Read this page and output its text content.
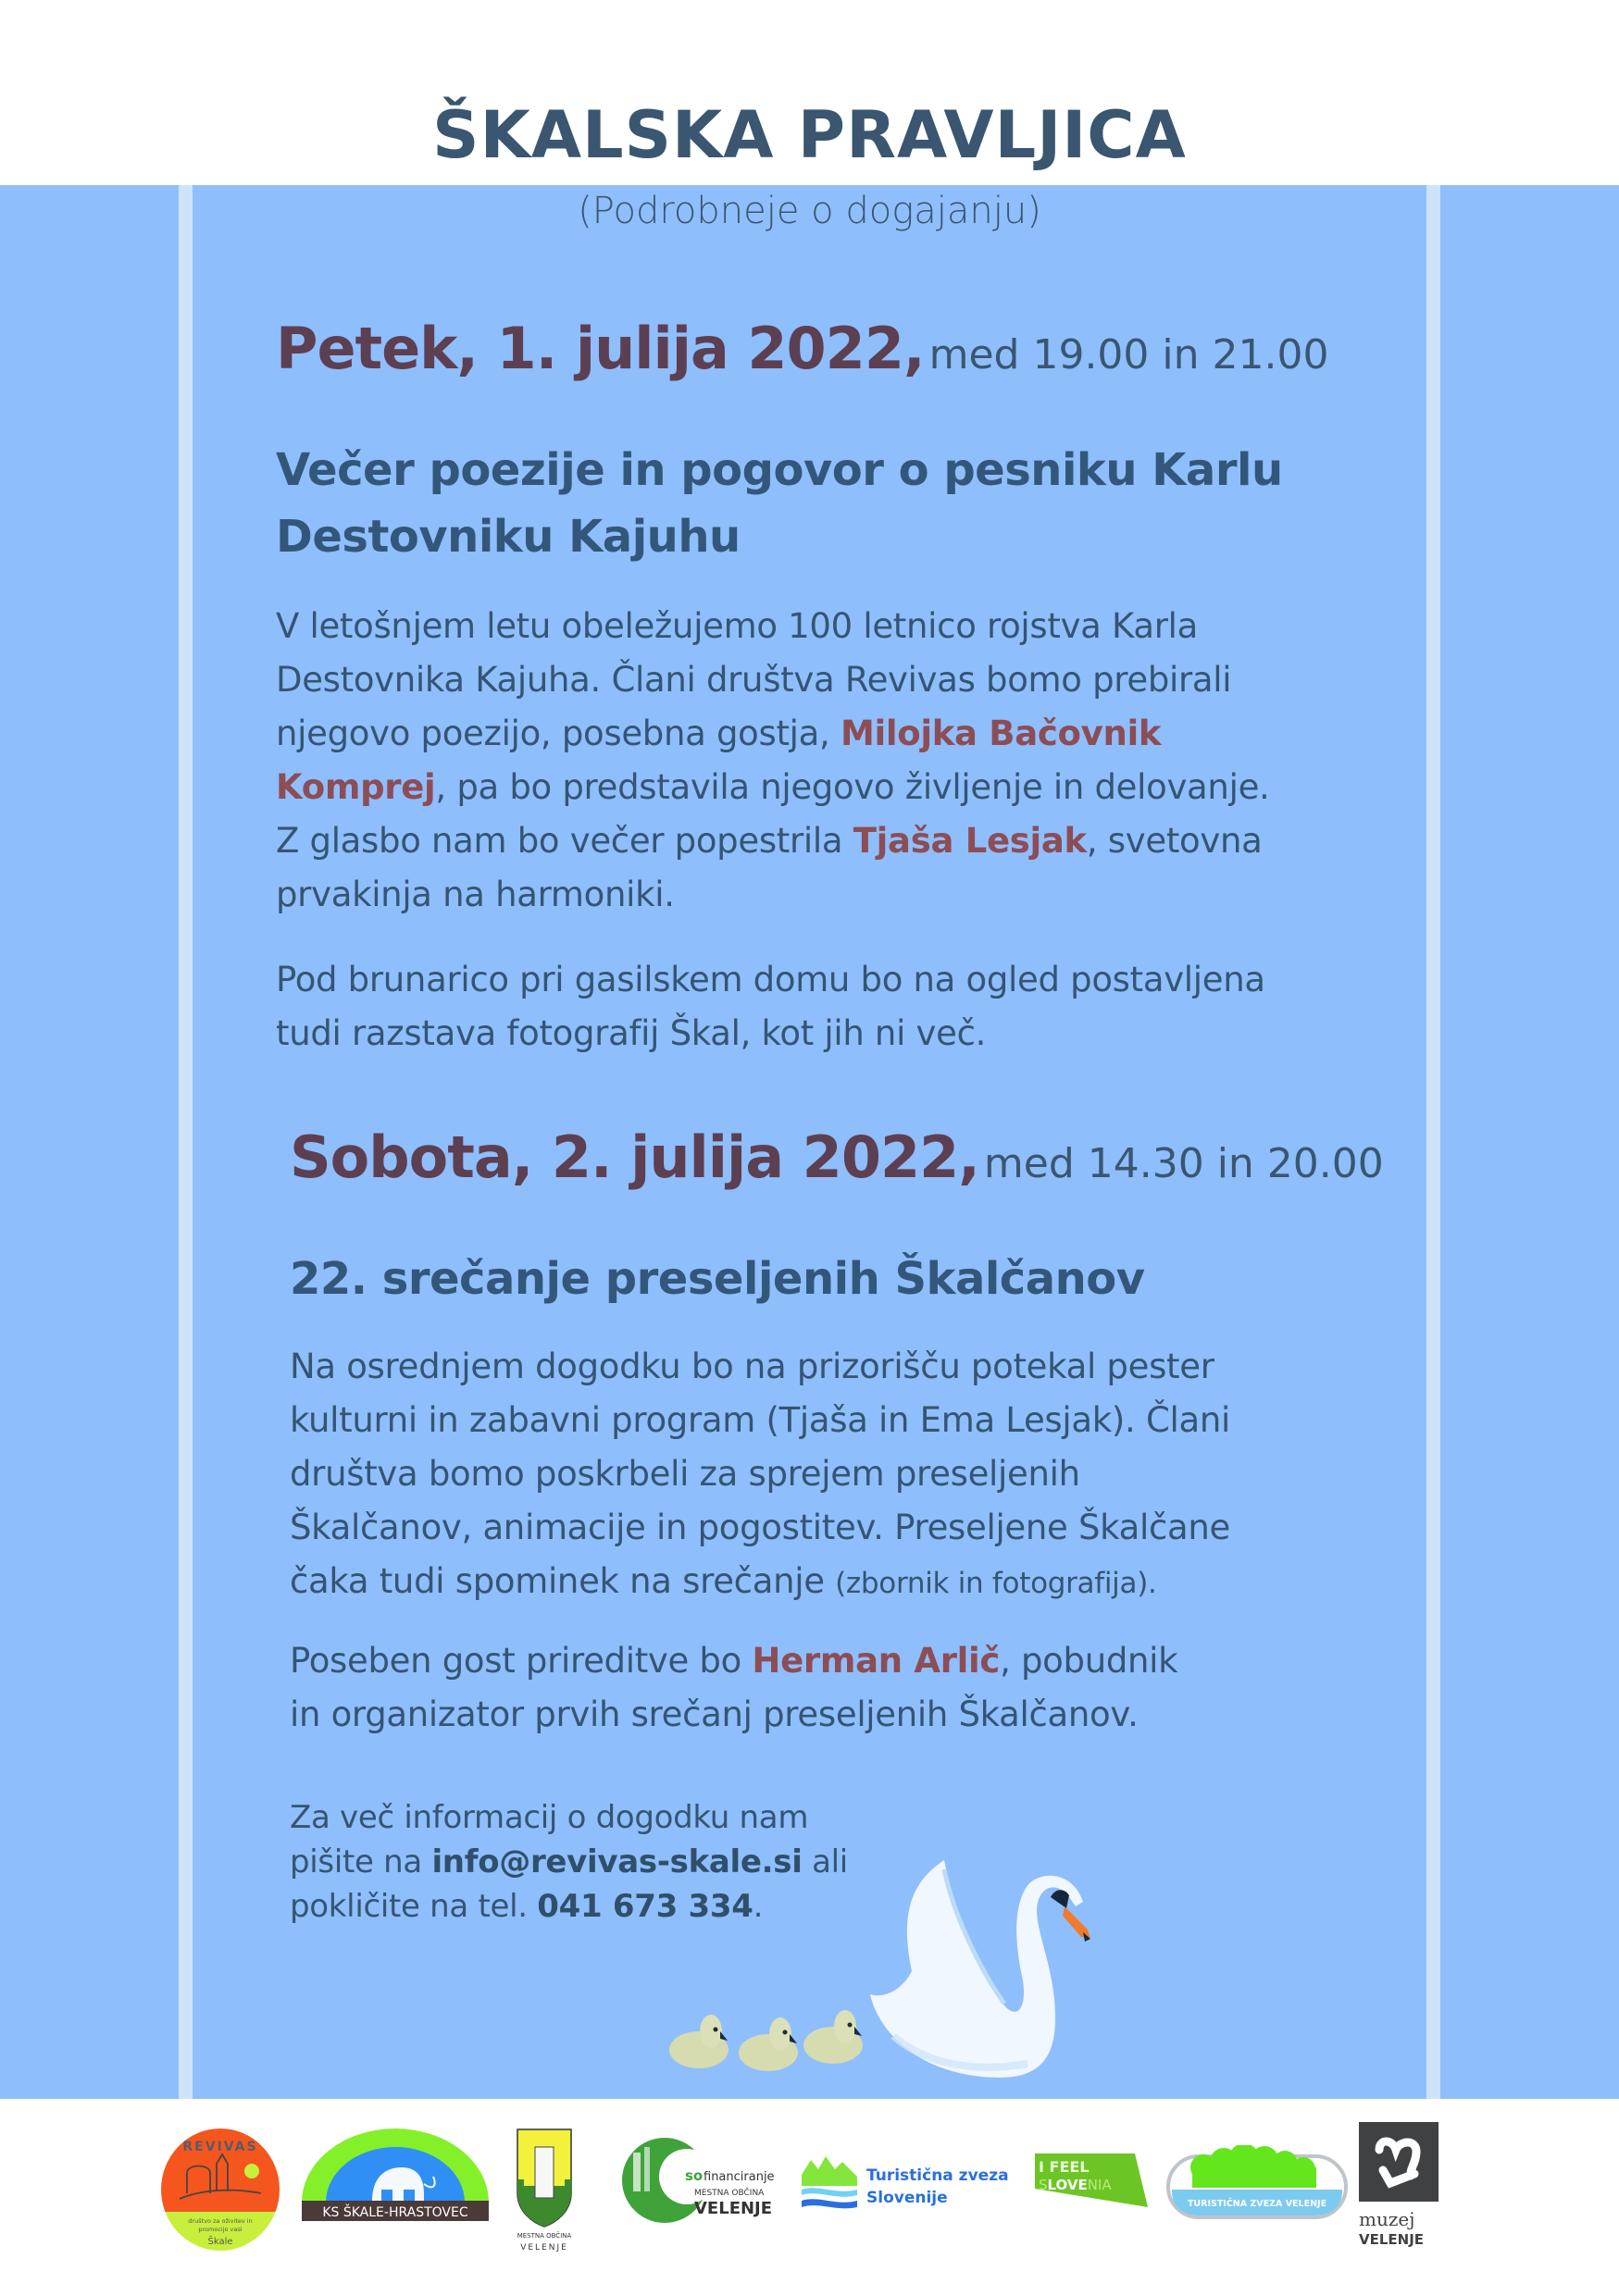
ŠKALSKA PRAVLJICA
(Podrobneje o dogajanju)
Petek, 1. julija 2022, med 19.00 in 21.00
Večer poezije in pogovor o pesniku Karlu
Destovniku Kajuhu
V letošnjem letu obeležujemo 100 letnico rojstva Karla
Destovnika Kajuha. Člani društva Revivas bomo prebirali
njegovo poezijo, posebna gostja, Milojka Bačovnik
Komprej, pa bo predstavila njegovo življenje in delovanje.
Z glasbo nam bo večer popestrila Tjaša Lesjak, svetovna
prvakinja na harmoniki.
Pod brunarico pri gasilskem domu bo na ogled postavljena
tudi razstava fotografij Škal, kot jih ni več.
Sobota, 2. julija 2022, med 14.30 in 20.00
22. srečanje preseljenih Škalčanov
Na osrednjem dogodku bo na prizorišču potekal pester
kulturni in zabavni program (Tjaša in Ema Lesjak). Člani
društva bomo poskrbeli za sprejem preseljenih
Škalčanov, animacije in pogostitev. Preseljene Škalčane
čaka tudi spominek na srečanje (zbornik in fotografija).
Poseben gost prireditve bo Herman Arlič, pobudnik
in organizator prvih srečanj preseljenih Škalčanov.
Za več informacij o dogodku nam
pišite na info@revivas-skale.si ali
pokličite na tel. 041 673 334.
REVIVAS
društvo za oživitev in
promocijo vasi
Škale
KS ŠKALE-HRASTOVEC
MESTNA OBČINA
VELENJE
so financiranje
MESTNA OBČINA
VELENJE
Turistična zveza
Slovenije
I FEEL
SLOVENIA
TURISTIČNA ZVEZA VELENJE
muzej
VELENJE
